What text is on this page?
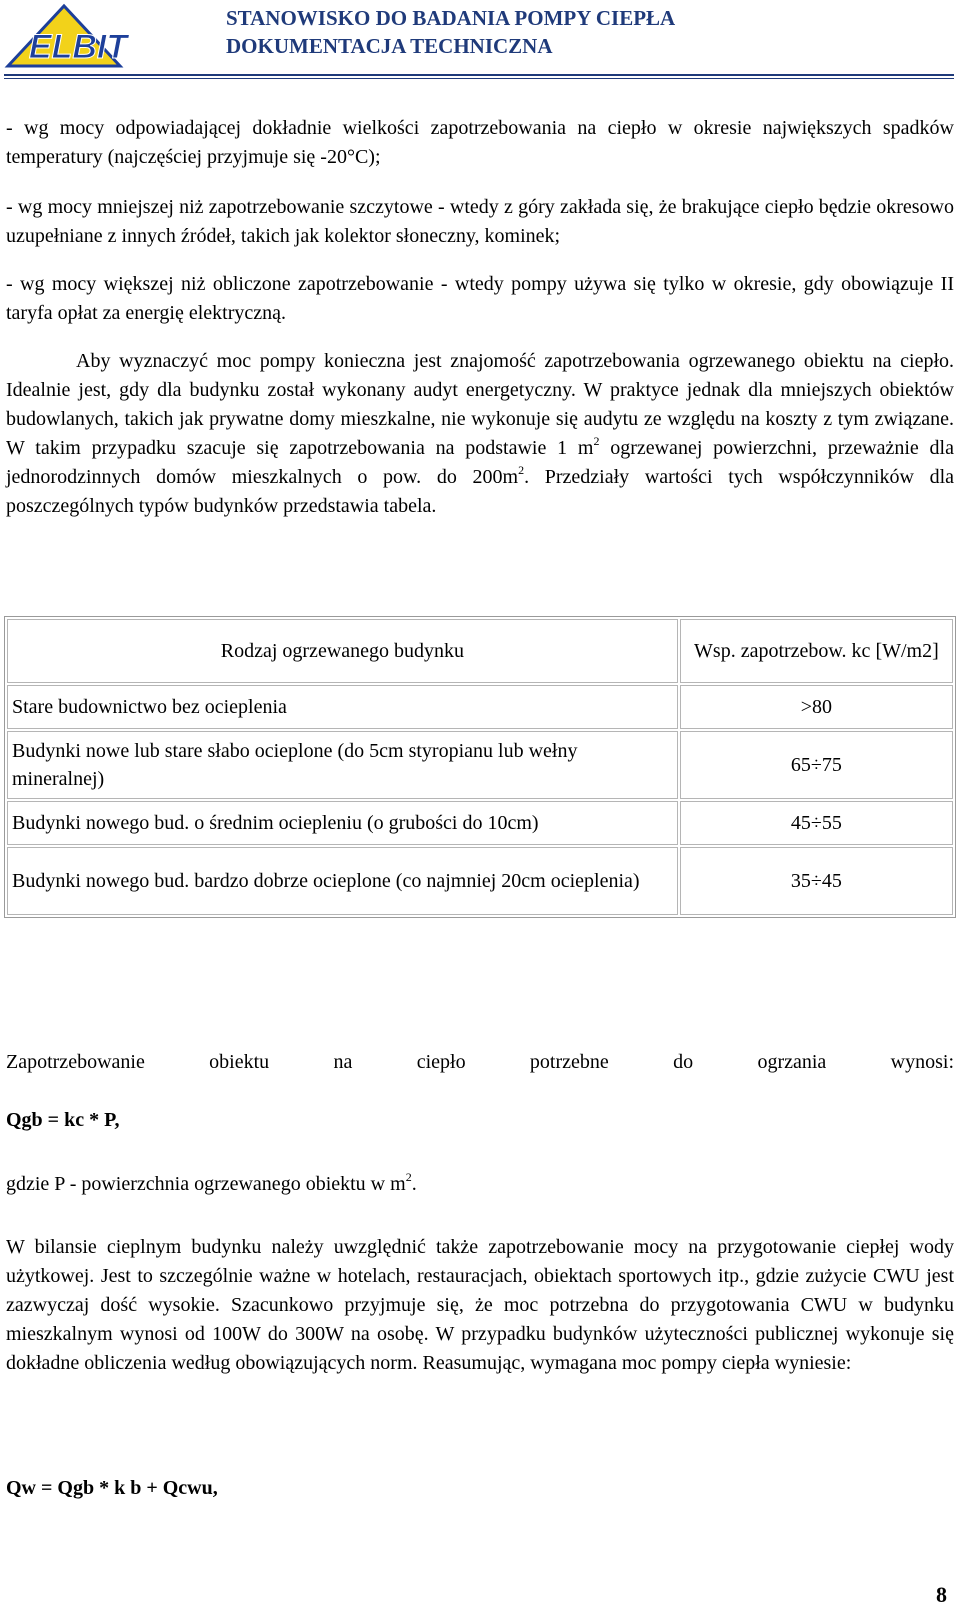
ELBIT
STANOWISKO DO BADANIA POMPY CIEPŁA
DOKUMENTACJA TECHNICZNA
- wg mocy odpowiadającej dokładnie wielkości zapotrzebowania na ciepło w okresie największych spadków temperatury (najczęściej przyjmuje się -20°C);
- wg mocy mniejszej niż zapotrzebowanie szczytowe - wtedy z góry zakłada się, że brakujące ciepło będzie okresowo uzupełniane z innych źródeł, takich jak kolektor słoneczny, kominek;
- wg mocy większej niż obliczone zapotrzebowanie - wtedy pompy używa się tylko w okresie, gdy obowiązuje II taryfa opłat za energię elektryczną.
Aby wyznaczyć moc pompy konieczna jest znajomość zapotrzebowania ogrzewanego obiektu na ciepło. Idealnie jest, gdy dla budynku został wykonany audyt energetyczny. W praktyce jednak dla mniejszych obiektów budowlanych, takich jak prywatne domy mieszkalne, nie wykonuje się audytu ze względu na koszty z tym związane. W takim przypadku szacuje się zapotrzebowania na podstawie 1 $m^2$ ogrzewanej powierzchni, przeważnie dla jednorodzinnych domów mieszkalnych o pow. do $200m^2$. Przedziały wartości tych współczynników dla poszczególnych typów budynków przedstawia tabela.
Rodzaj ogrzewanego budynku	Wsp. zapotrzebow. kc [W/m2]
Stare budownictwo bez ocieplenia	>80
Budynki nowe lub stare słabo ocieplone (do 5cm styropianu lub wełny mineralnej)	65÷75
Budynki nowego bud. o średnim ociepleniu (o grubości do 10cm)	45÷55
Budynki nowego bud. bardzo dobrze ocieplone (co najmniej 20cm ocieplenia)	35÷45
Zapotrzebowanie obiektu na ciepło potrzebne do ogrzania wynosi:
Qgb = kc * P,
gdzie P - powierzchnia ogrzewanego obiektu w $m^2$.
W bilansie cieplnym budynku należy uwzględnić także zapotrzebowanie mocy na przygotowanie ciepłej wody użytkowej. Jest to szczególnie ważne w hotelach, restauracjach, obiektach sportowych itp., gdzie zużycie CWU jest zazwyczaj dość wysokie. Szacunkowo przyjmuje się, że moc potrzebna do przygotowania CWU w budynku mieszkalnym wynosi od 100W do 300W na osobę. W przypadku budynków użyteczności publicznej wykonuje się dokładne obliczenia według obowiązujących norm. Reasumując, wymagana moc pompy ciepła wyniesie:
Qw = Qgb * k b + Qcwu,
8
